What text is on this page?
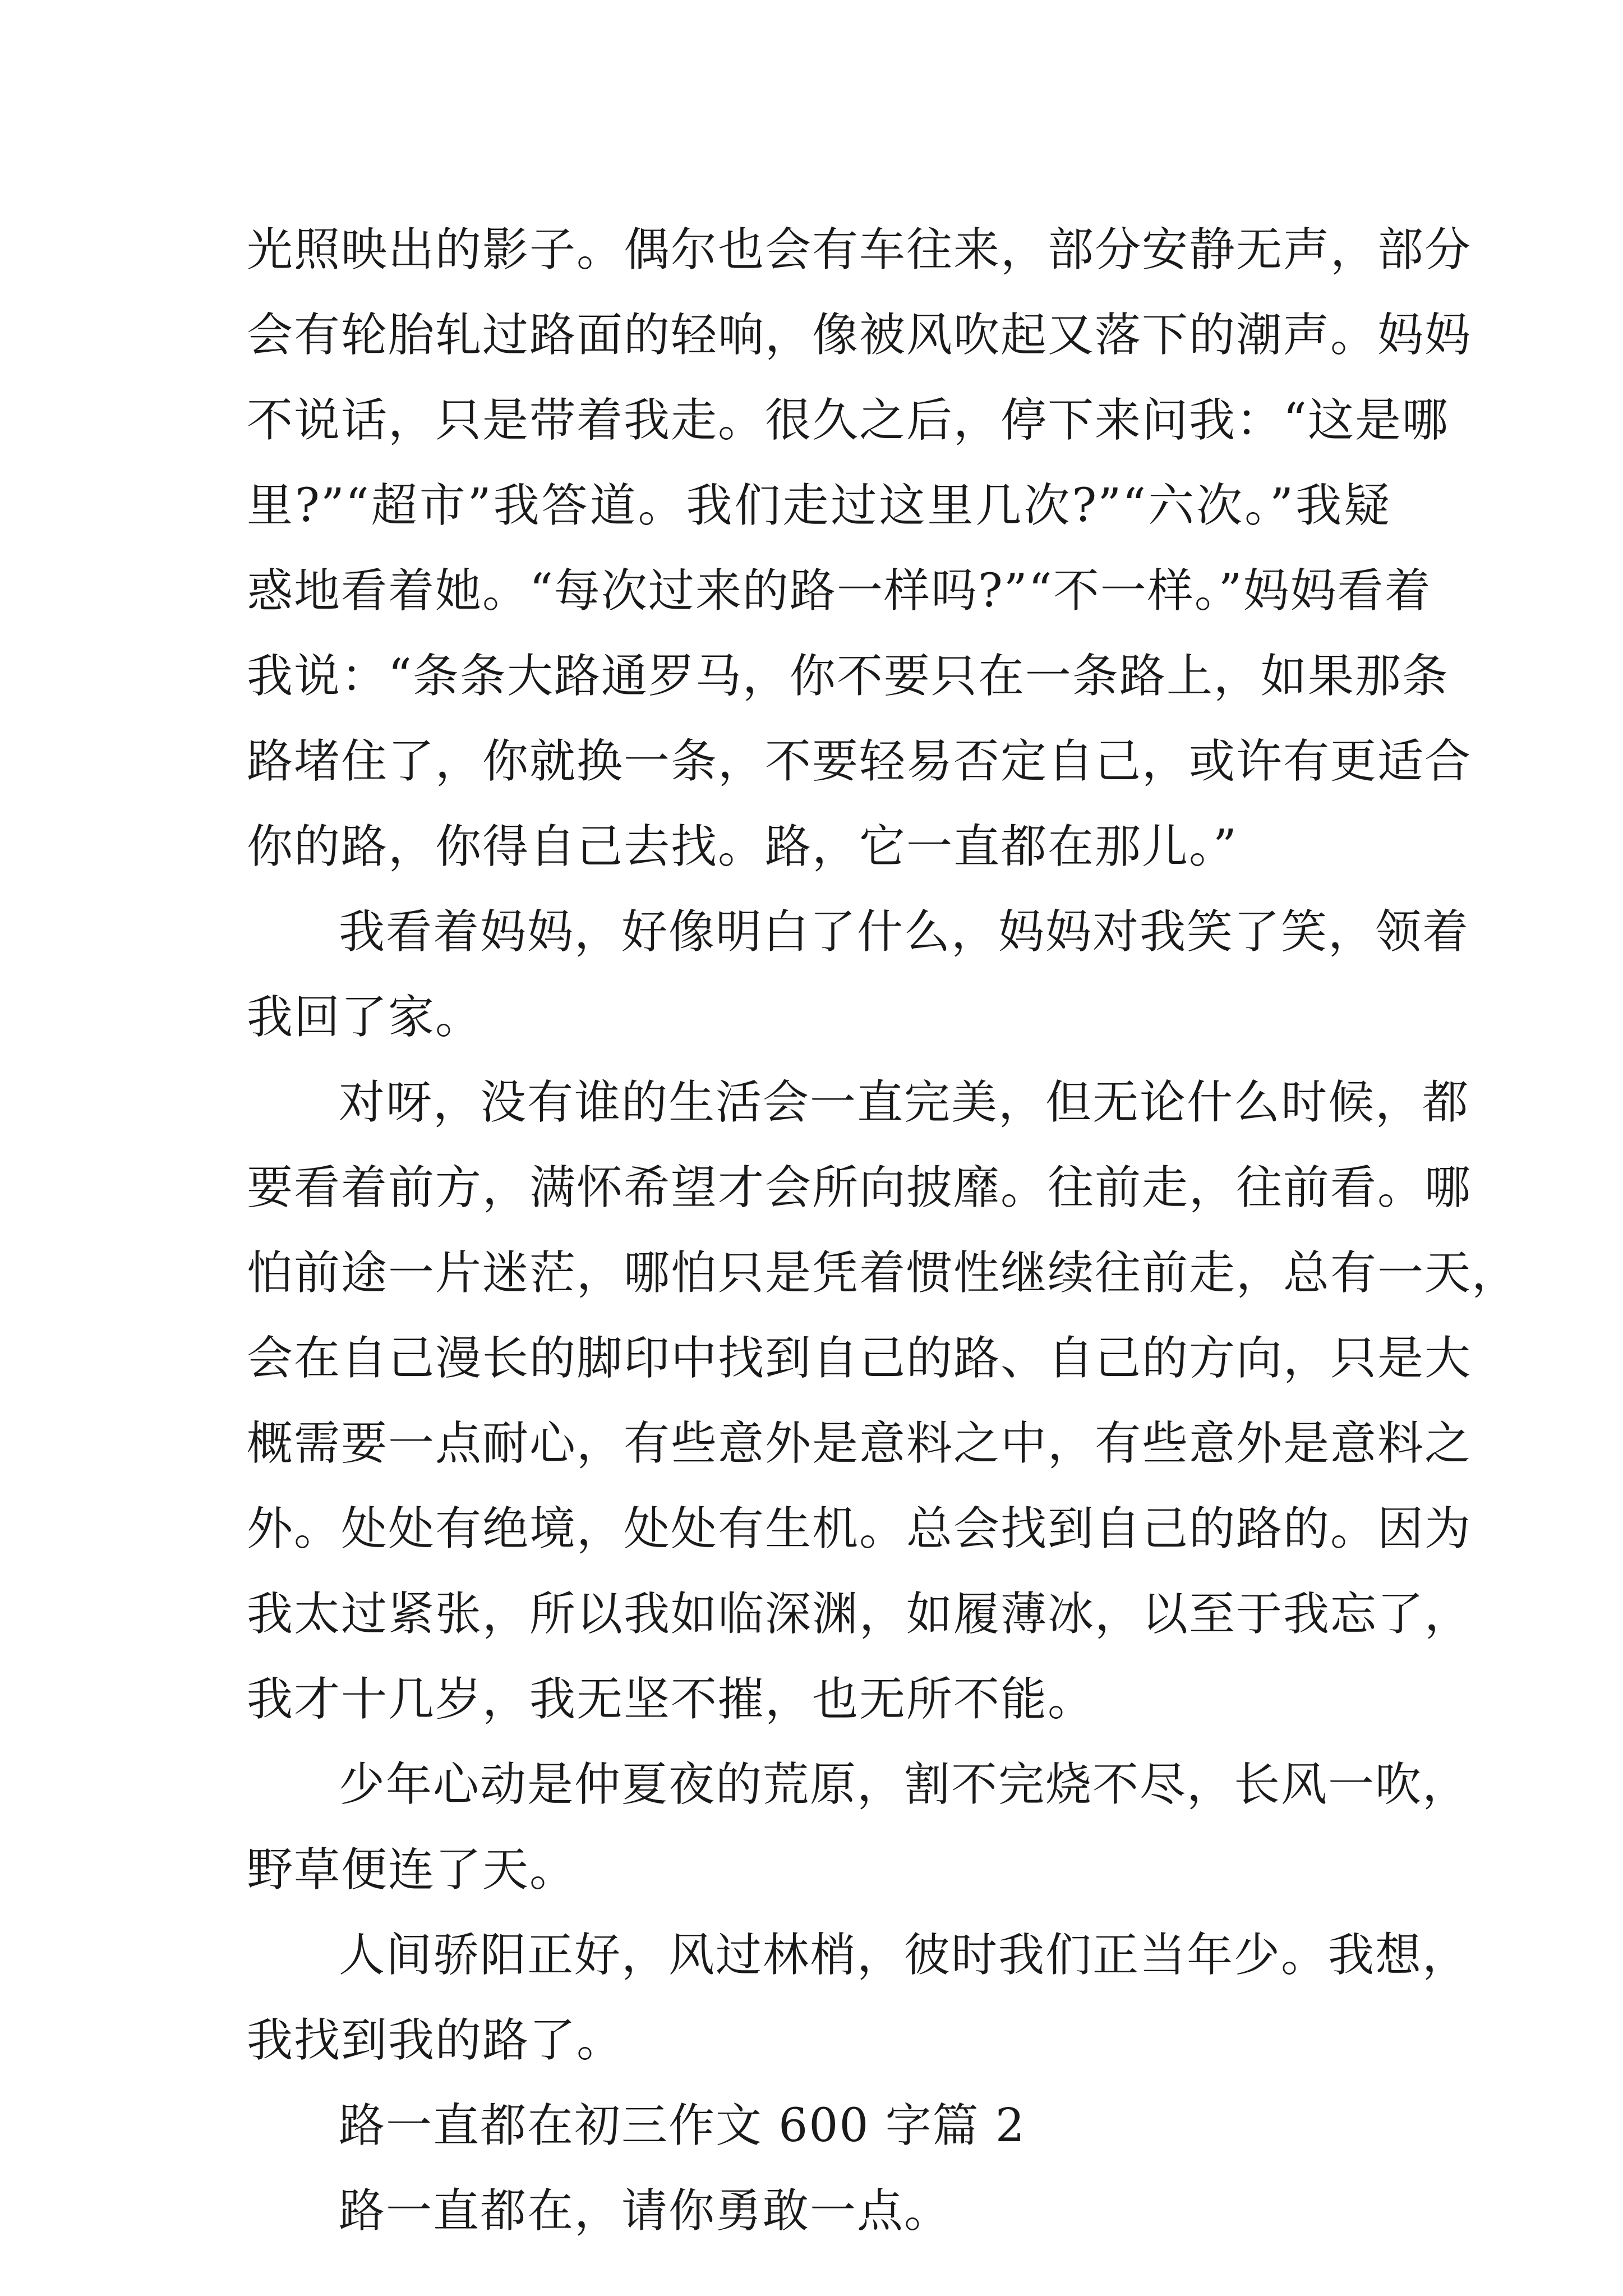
光照映出的影子。偶尔也会有车往来，部分安静无声，部分
会有轮胎轧过路面的轻响，像被风吹起又落下的潮声。妈妈
不说话，只是带着我走。很久之后，停下来问我：“这是哪
里?”“超市”我答道。我们走过这里几次?”“六次。”我疑
惑地看着她。“每次过来的路一样吗?”“不一样。”妈妈看着
我说：“条条大路通罗马，你不要只在一条路上，如果那条
路堵住了，你就换一条，不要轻易否定自己，或许有更适合
你的路，你得自己去找。路，它一直都在那儿。”
我看着妈妈，好像明白了什么，妈妈对我笑了笑，领着
我回了家。
对呀，没有谁的生活会一直完美，但无论什么时候，都
要看着前方，满怀希望才会所向披靡。往前走，往前看。哪
怕前途一片迷茫，哪怕只是凭着惯性继续往前走，总有一天，
会在自己漫长的脚印中找到自己的路、自己的方向，只是大
概需要一点耐心，有些意外是意料之中，有些意外是意料之
外。处处有绝境，处处有生机。总会找到自己的路的。因为
我太过紧张，所以我如临深渊，如履薄冰，以至于我忘了，
我才十几岁，我无坚不摧，也无所不能。
少年心动是仲夏夜的荒原，割不完烧不尽，长风一吹，
野草便连了天。
人间骄阳正好，风过林梢，彼时我们正当年少。我想，
我找到我的路了。
路一直都在初三作文 600 字篇 2
路一直都在，请你勇敢一点。
